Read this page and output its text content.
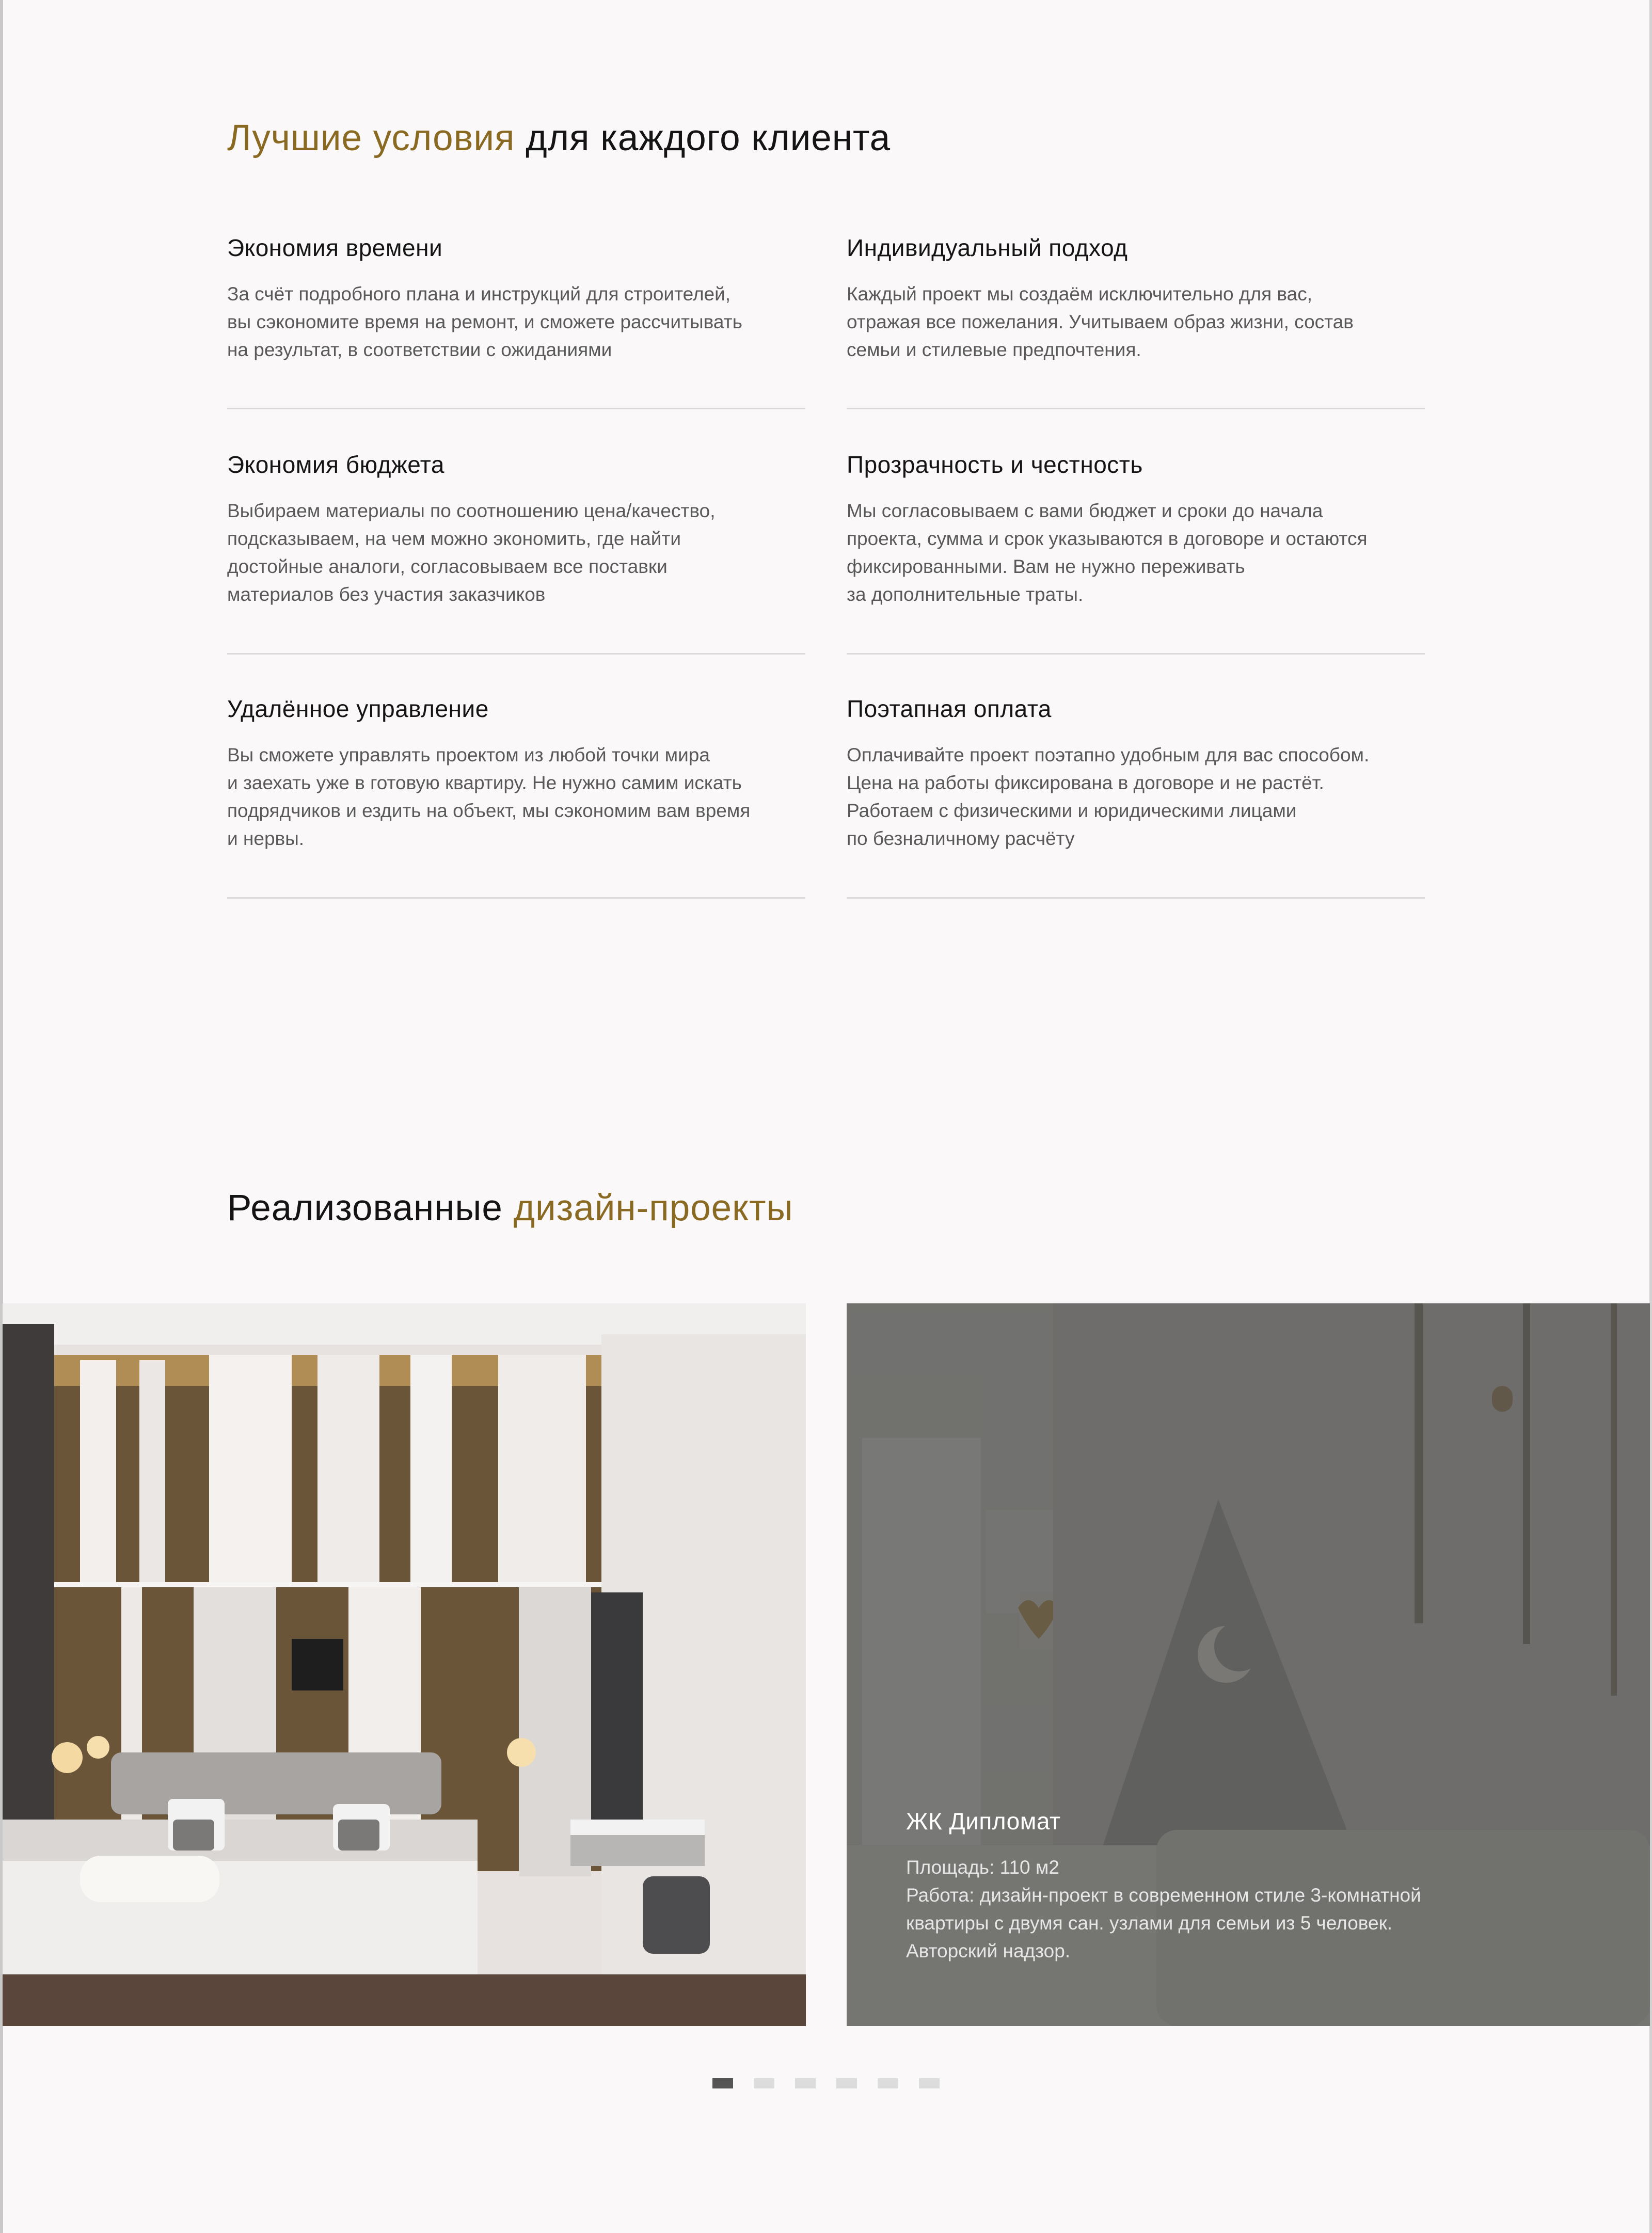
Лучшие условия для каждого клиента
Экономия времени
За счёт подробного плана и инструкций для строителей,
вы сэкономите время на ремонт, и сможете рассчитывать
на результат, в соответствии с ожиданиями
Индивидуальный подход
Каждый проект мы создаём исключительно для вас,
отражая все пожелания. Учитываем образ жизни, состав
семьи и стилевые предпочтения.
Экономия бюджета
Выбираем материалы по соотношению цена/качество,
подсказываем, на чем можно экономить, где найти
достойные аналоги, согласовываем все поставки
материалов без участия заказчиков
Прозрачность и честность
Мы согласовываем с вами бюджет и сроки до начала
проекта, сумма и срок указываются в договоре и остаются
фиксированными. Вам не нужно переживать
за дополнительные траты.
Удалённое управление
Вы сможете управлять проектом из любой точки мира
и заехать уже в готовую квартиру. Не нужно самим искать
подрядчиков и ездить на объект, мы сэкономим вам время
и нервы.
Поэтапная оплата
Оплачивайте проект поэтапно удобным для вас способом.
Цена на работы фиксирована в договоре и не растёт.
Работаем с физическими и юридическими лицами
по безналичному расчёту
Реализованные дизайн-проекты
ЖК Дипломат
Площадь: 110 м2
Работа: дизайн-проект в современном стиле 3-комнатной
квартиры с двумя сан. узлами для семьи из 5 человек.
Авторский надзор.
